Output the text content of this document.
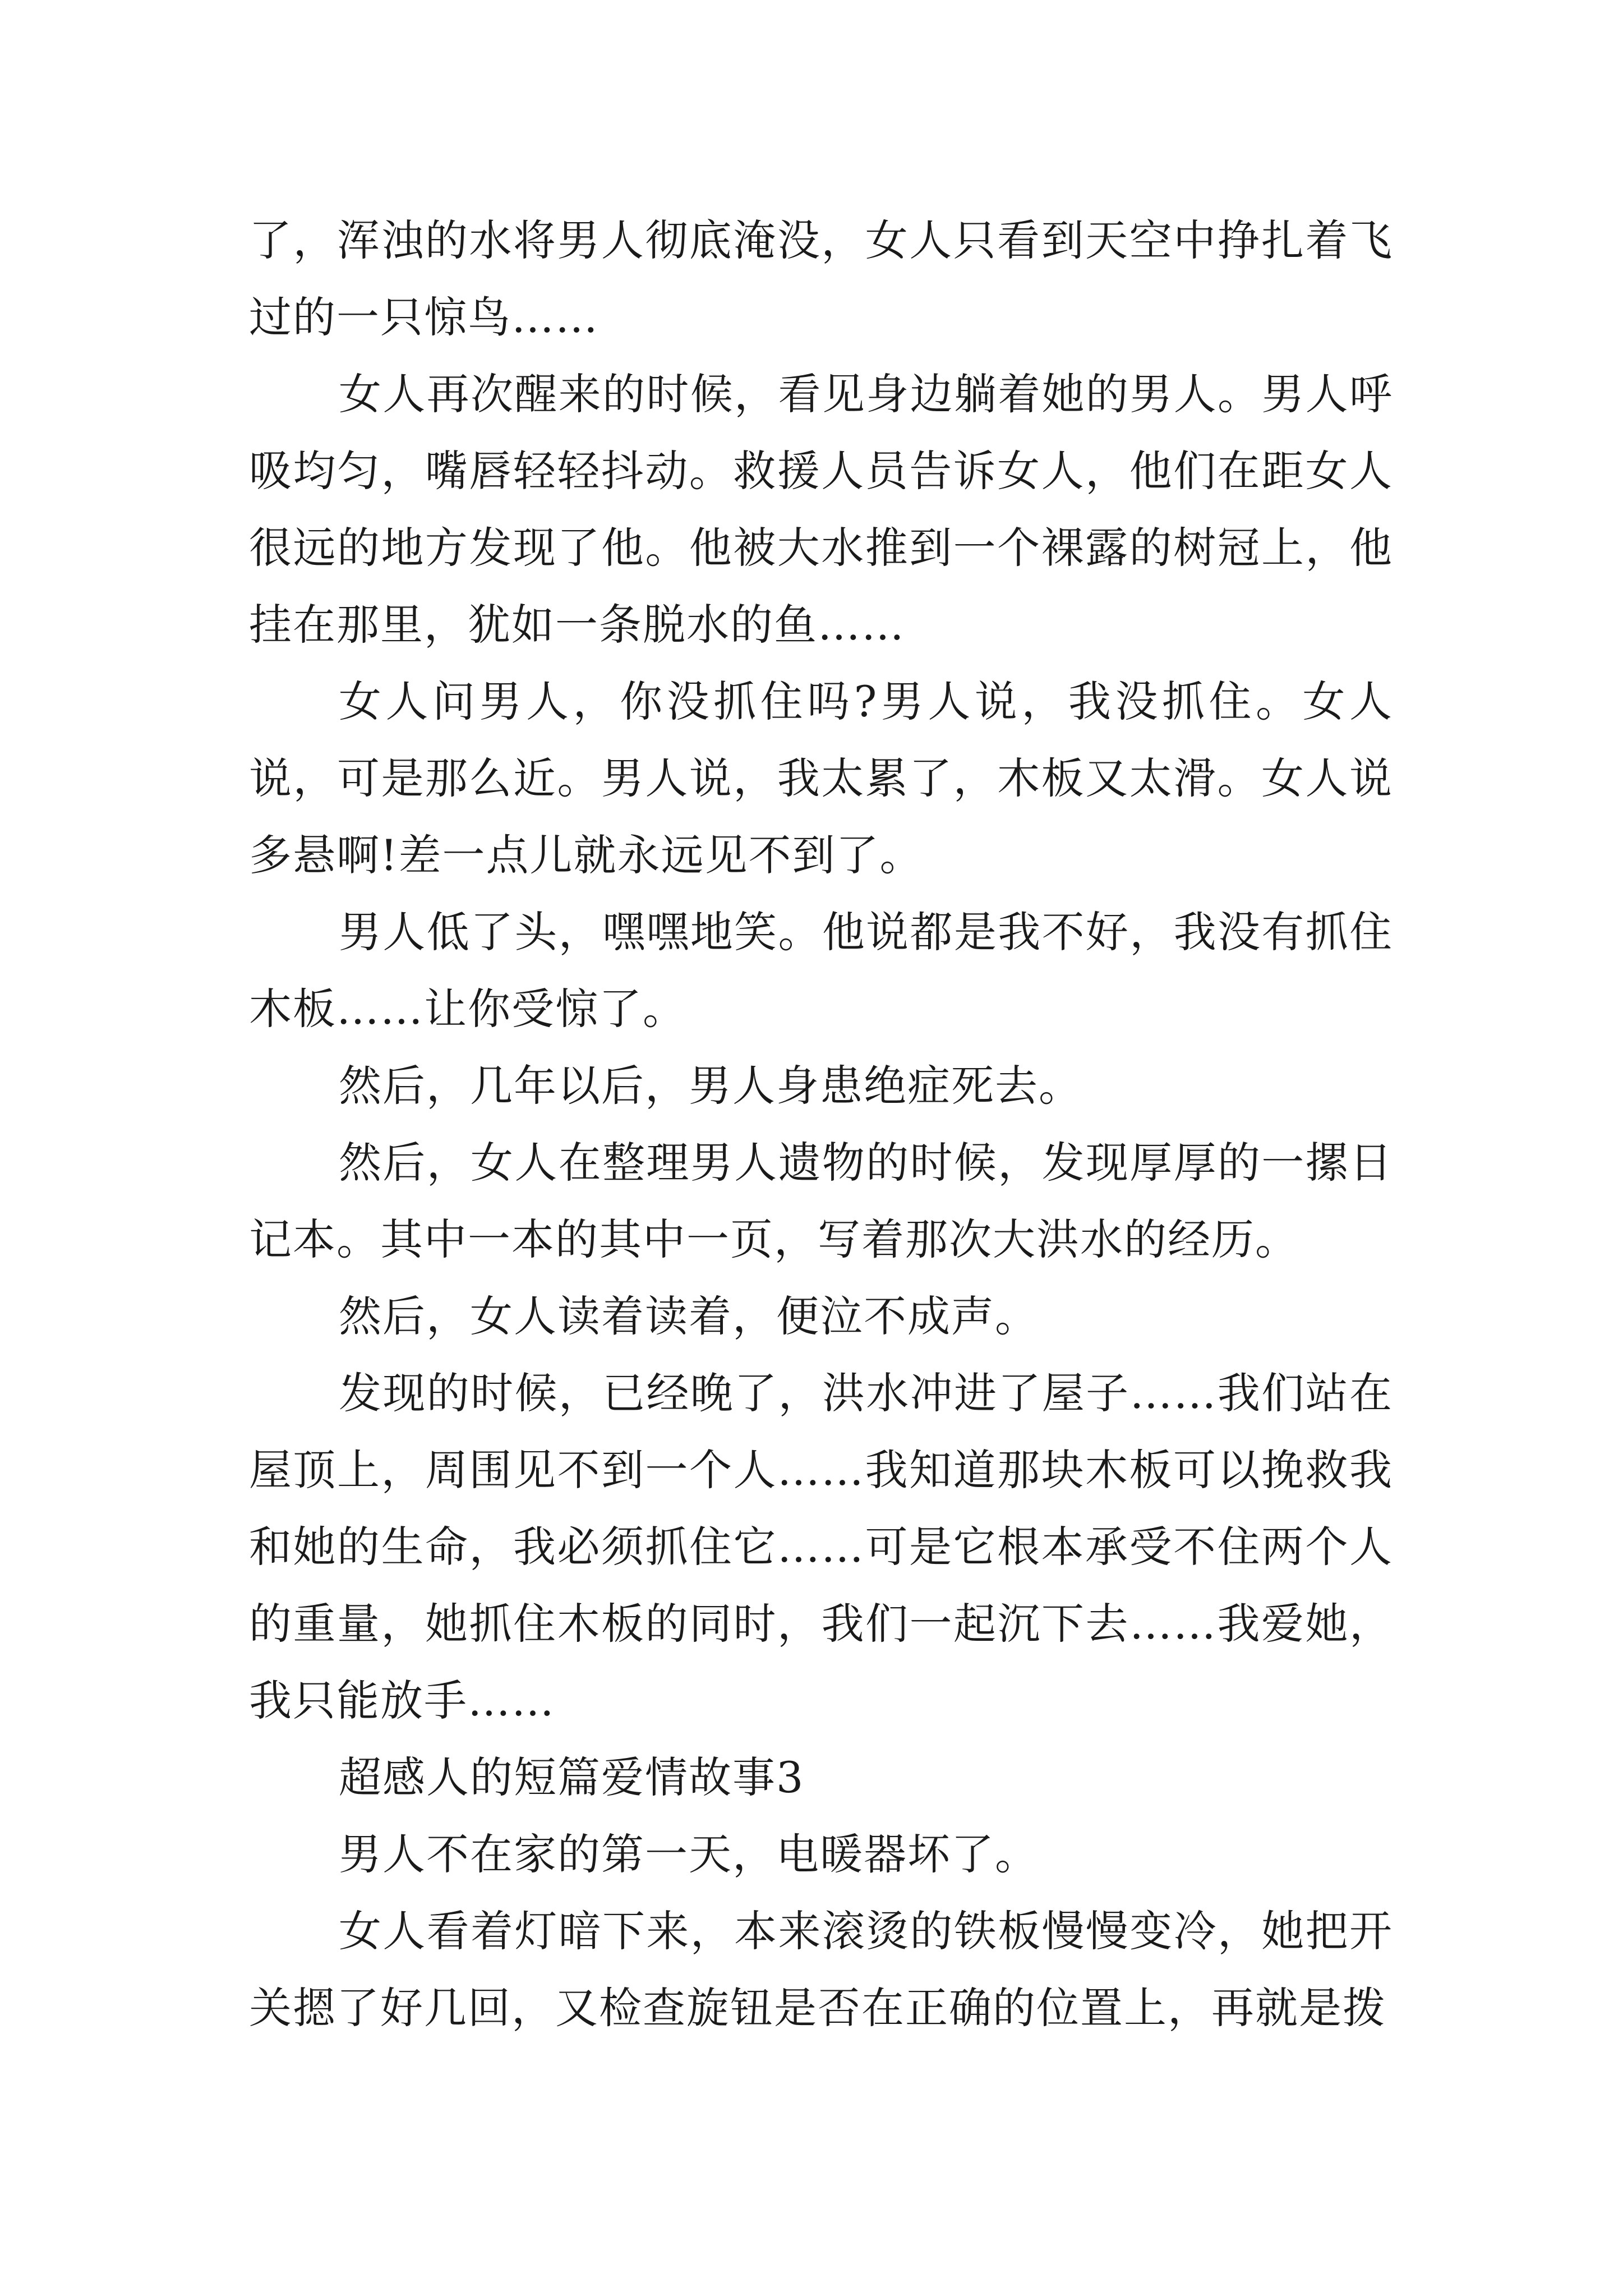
了，浑浊的水将男人彻底淹没，女人只看到天空中挣扎着飞过的一只惊鸟……

女人再次醒来的时候，看见身边躺着她的男人。男人呼吸均匀，嘴唇轻轻抖动。救援人员告诉女人，他们在距女人很远的地方发现了他。他被大水推到一个裸露的树冠上，他挂在那里，犹如一条脱水的鱼……

女人问男人，你没抓住吗?男人说，我没抓住。女人说，可是那么近。男人说，我太累了，木板又太滑。女人说多悬啊!差一点儿就永远见不到了。

男人低了头，嘿嘿地笑。他说都是我不好，我没有抓住木板……让你受惊了。

然后，几年以后，男人身患绝症死去。

然后，女人在整理男人遗物的时候，发现厚厚的一摞日记本。其中一本的其中一页，写着那次大洪水的经历。

然后，女人读着读着，便泣不成声。

发现的时候，已经晚了，洪水冲进了屋子……我们站在屋顶上，周围见不到一个人……我知道那块木板可以挽救我和她的生命，我必须抓住它……可是它根本承受不住两个人的重量，她抓住木板的同时，我们一起沉下去……我爱她，我只能放手……

超感人的短篇爱情故事3

男人不在家的第一天，电暖器坏了。

女人看着灯暗下来，本来滚烫的铁板慢慢变冷，她把开关摁了好几回，又检查旋钮是否在正确的位置上，再就是拨
